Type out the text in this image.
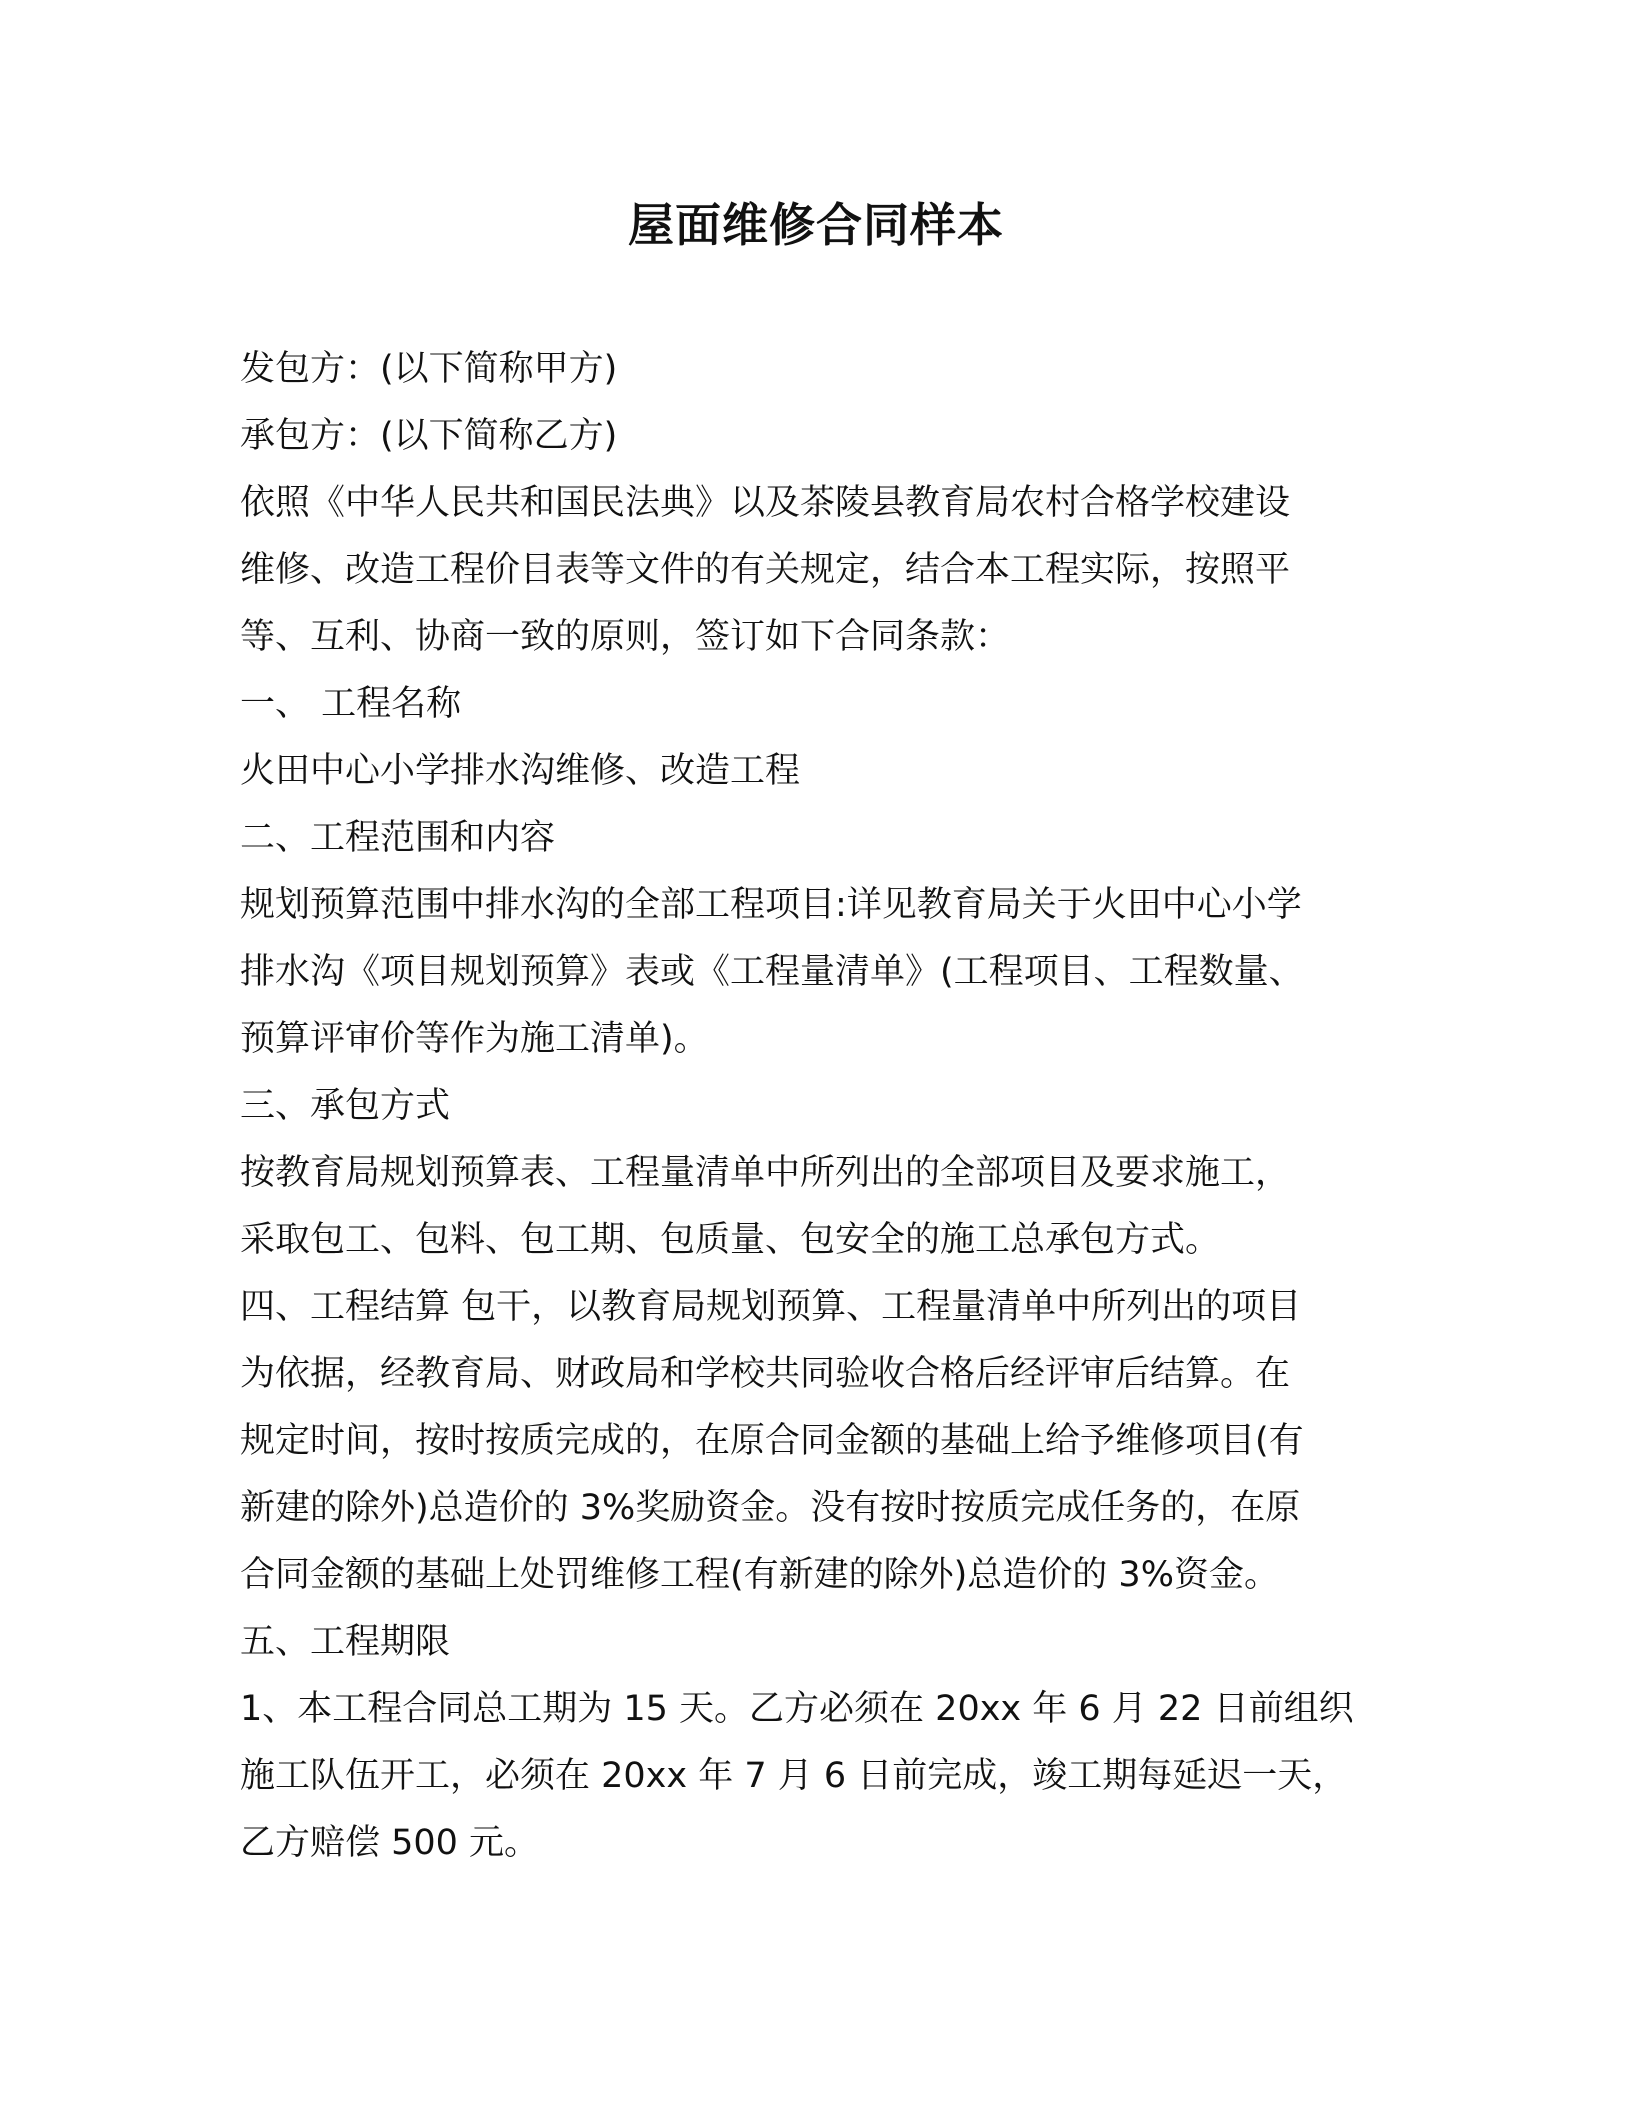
屋面维修合同样本

发包方：(以下简称甲方)

承包方：(以下简称乙方)

依照《中华人民共和国民法典》以及茶陵县教育局农村合格学校建设

维修、改造工程价目表等文件的有关规定，结合本工程实际，按照平

等、互利、协商一致的原则，签订如下合同条款：

一、 工程名称

火田中心小学排水沟维修、改造工程

二、工程范围和内容

规划预算范围中排水沟的全部工程项目:详见教育局关于火田中心小学

排水沟《项目规划预算》表或《工程量清单》(工程项目、工程数量、

预算评审价等作为施工清单)。

三、承包方式

按教育局规划预算表、工程量清单中所列出的全部项目及要求施工，

采取包工、包料、包工期、包质量、包安全的施工总承包方式。

四、工程结算 包干，以教育局规划预算、工程量清单中所列出的项目

为依据，经教育局、财政局和学校共同验收合格后经评审后结算。在

规定时间，按时按质完成的，在原合同金额的基础上给予维修项目(有

新建的除外)总造价的 3%奖励资金。没有按时按质完成任务的，在原

合同金额的基础上处罚维修工程(有新建的除外)总造价的 3%资金。

五、工程期限

1、本工程合同总工期为 15 天。乙方必须在 20xx 年 6 月 22 日前组织

施工队伍开工，必须在 20xx 年 7 月 6 日前完成，竣工期每延迟一天，

乙方赔偿 500 元。
